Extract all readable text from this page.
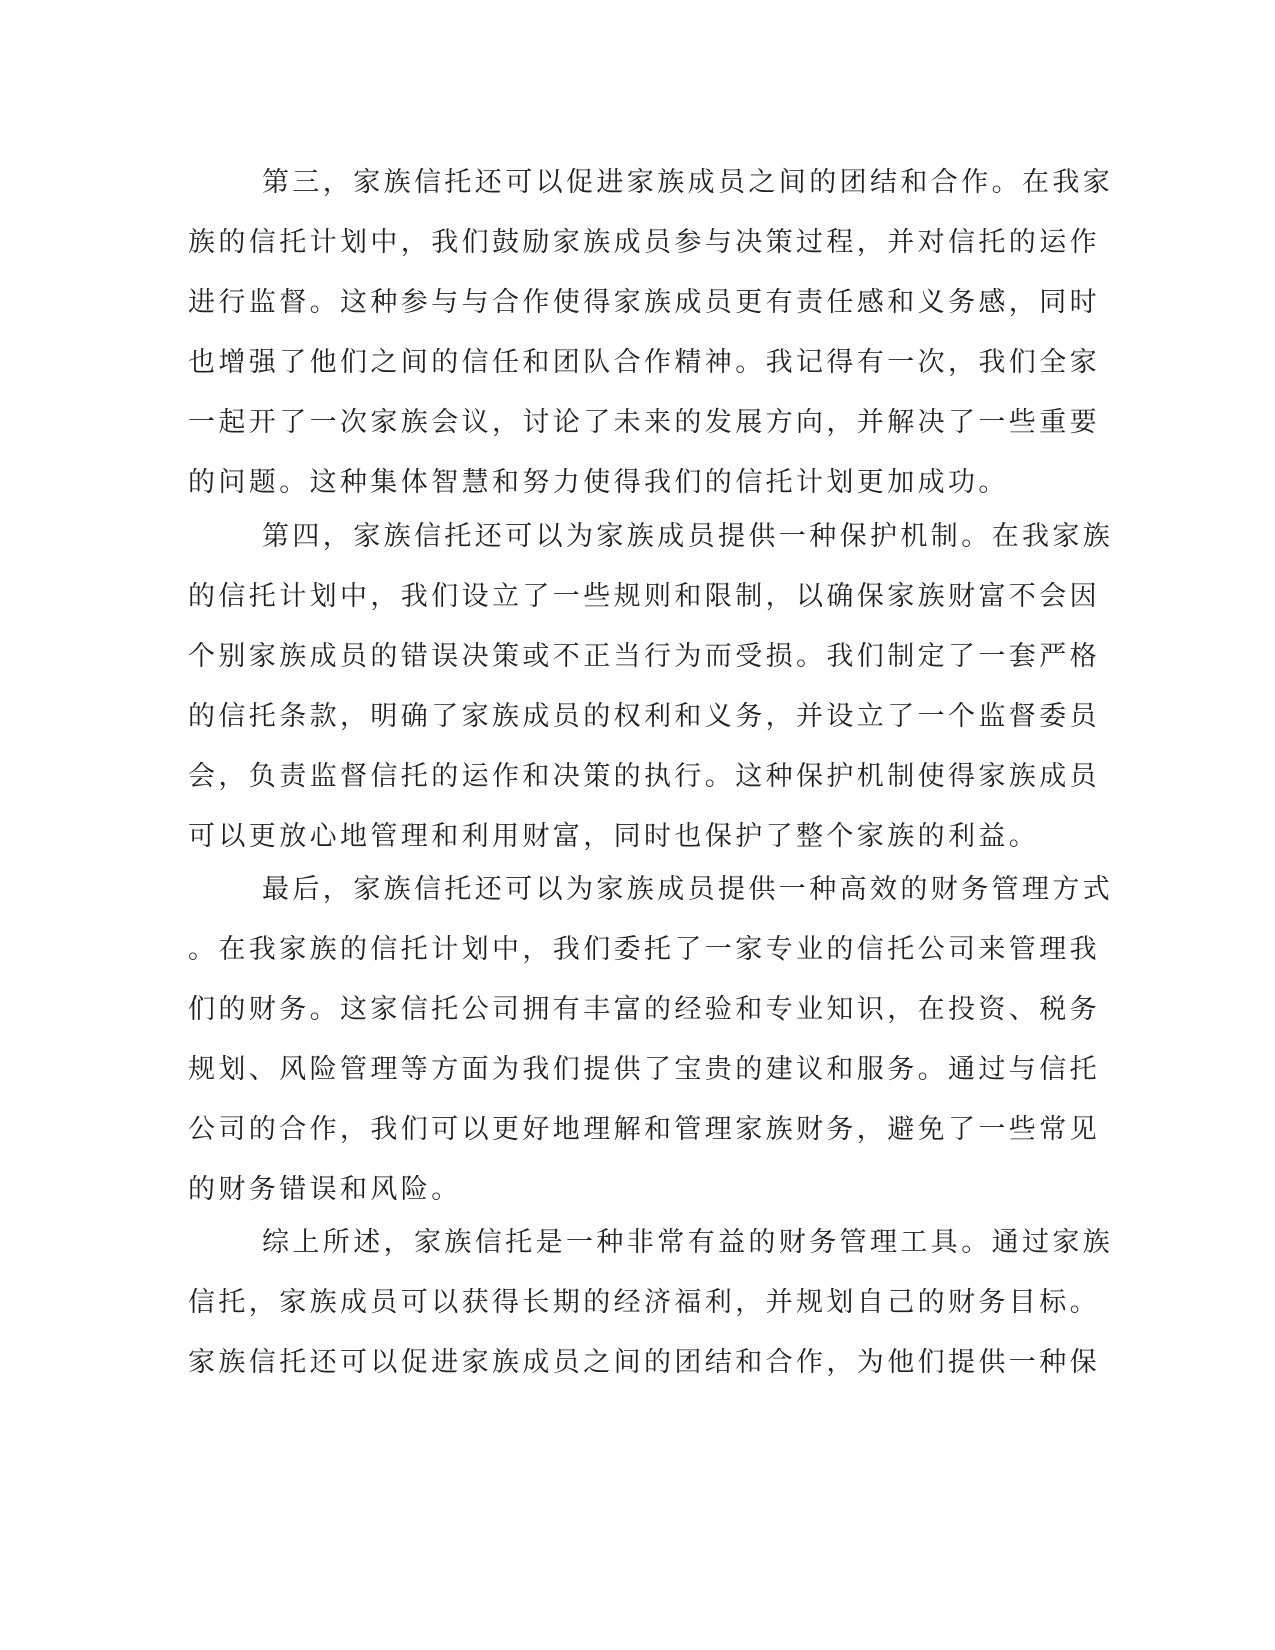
第三，家族信托还可以促进家族成员之间的团结和合作。在我家
族的信托计划中，我们鼓励家族成员参与决策过程，并对信托的运作
进行监督。这种参与与合作使得家族成员更有责任感和义务感，同时
也增强了他们之间的信任和团队合作精神。我记得有一次，我们全家
一起开了一次家族会议，讨论了未来的发展方向，并解决了一些重要
的问题。这种集体智慧和努力使得我们的信托计划更加成功。
第四，家族信托还可以为家族成员提供一种保护机制。在我家族
的信托计划中，我们设立了一些规则和限制，以确保家族财富不会因
个别家族成员的错误决策或不正当行为而受损。我们制定了一套严格
的信托条款，明确了家族成员的权利和义务，并设立了一个监督委员
会，负责监督信托的运作和决策的执行。这种保护机制使得家族成员
可以更放心地管理和利用财富，同时也保护了整个家族的利益。
最后，家族信托还可以为家族成员提供一种高效的财务管理方式
。在我家族的信托计划中，我们委托了一家专业的信托公司来管理我
们的财务。这家信托公司拥有丰富的经验和专业知识，在投资、税务
规划、风险管理等方面为我们提供了宝贵的建议和服务。通过与信托
公司的合作，我们可以更好地理解和管理家族财务，避免了一些常见
的财务错误和风险。
综上所述，家族信托是一种非常有益的财务管理工具。通过家族
信托，家族成员可以获得长期的经济福利，并规划自己的财务目标。
家族信托还可以促进家族成员之间的团结和合作，为他们提供一种保
